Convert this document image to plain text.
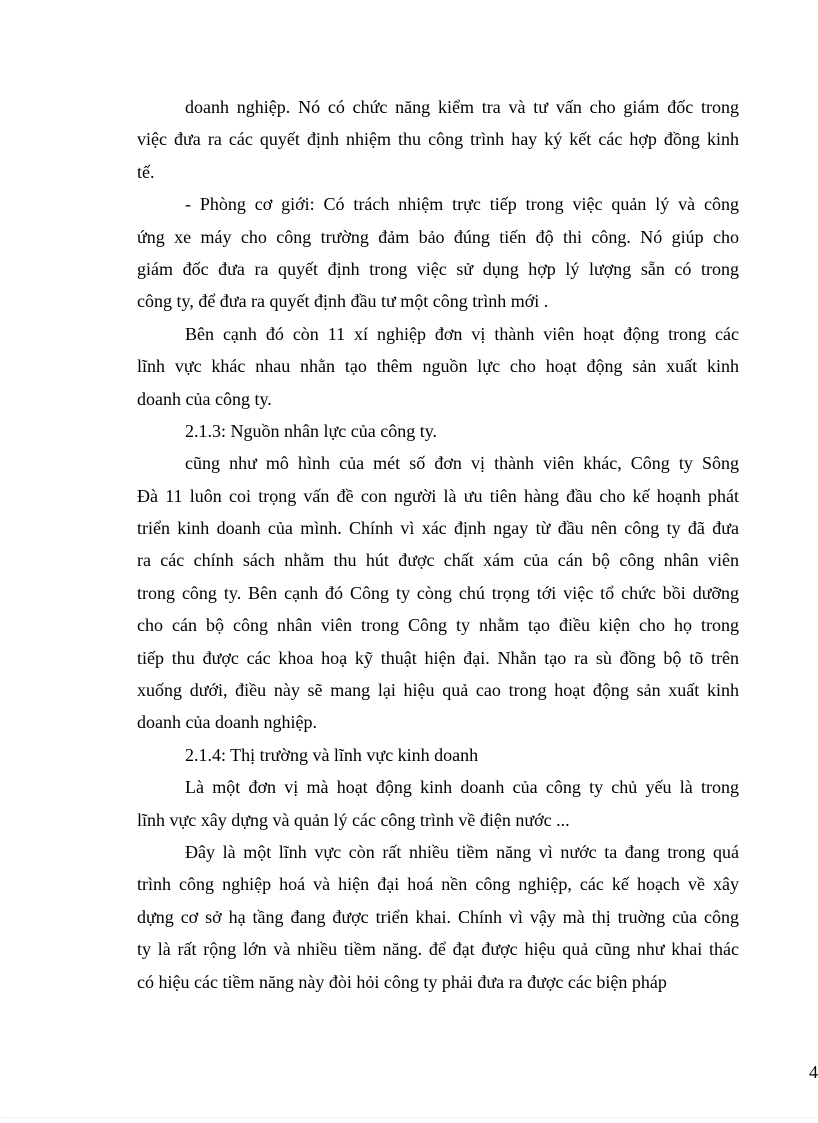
doanh nghiệp. Nó có chức năng kiểm tra và tư vấn cho giám đốc trong
việc đưa ra các quyết định nhiệm thu công trình hay ký kết các hợp đồng kinh
tế.
- Phòng cơ giới: Có trách nhiệm trực tiếp trong việc quản lý và công
ứng xe máy cho công trường đảm bảo đúng tiến độ thi công. Nó giúp cho
giám đốc đưa ra quyết định trong việc sử dụng hợp lý lượng sẵn có trong
công ty, để đưa ra quyết định đầu tư một công trình mới .
Bên cạnh đó còn 11 xí nghiệp đơn vị thành viên hoạt động trong các
lĩnh vực khác nhau nhằn tạo thêm nguồn lực cho hoạt động sản xuất kinh
doanh của công ty.
2.1.3: Nguồn nhân lực của công ty.
cũng như mô hình của mét số đơn vị thành viên khác, Công ty Sông
Đà 11 luôn coi trọng vấn đề con người là ưu tiên hàng đầu cho kế hoạnh phát
triển kinh doanh của mình. Chính vì xác định ngay từ đầu nên công ty đã đưa
ra các chính sách nhằm thu hút được chất xám của cán bộ công nhân viên
trong công ty. Bên cạnh đó Công ty còng chú trọng tới việc tổ chức bồi dưỡng
cho cán bộ công nhân viên trong Công ty nhằm tạo điều kiện cho họ trong
tiếp thu được các khoa hoạ kỹ thuật hiện đại. Nhằn tạo ra sù đồng bộ tõ trên
xuống dưới, điều này sẽ mang lại hiệu quả cao trong hoạt động sản xuất kinh
doanh của doanh nghiệp.
2.1.4: Thị trường và lĩnh vực kinh doanh
Là một đơn vị mà hoạt động kinh doanh của công ty chủ yếu là trong
lĩnh vực xây dựng và quản lý các công trình về điện nước ...
Đây là một lĩnh vực còn rất nhiều tiềm năng vì nước ta đang trong quá
trình công nghiệp hoá và hiện đại hoá nền công nghiệp, các kế hoạch về xây
dựng cơ sở hạ tầng đang được triển khai. Chính vì vậy mà thị truờng của công
ty là rất rộng lớn và nhiều tiềm năng. để đạt được hiệu quả cũng như khai thác
có hiệu các tiềm năng này đòi hỏi công ty phải đưa ra được các biện pháp
4
